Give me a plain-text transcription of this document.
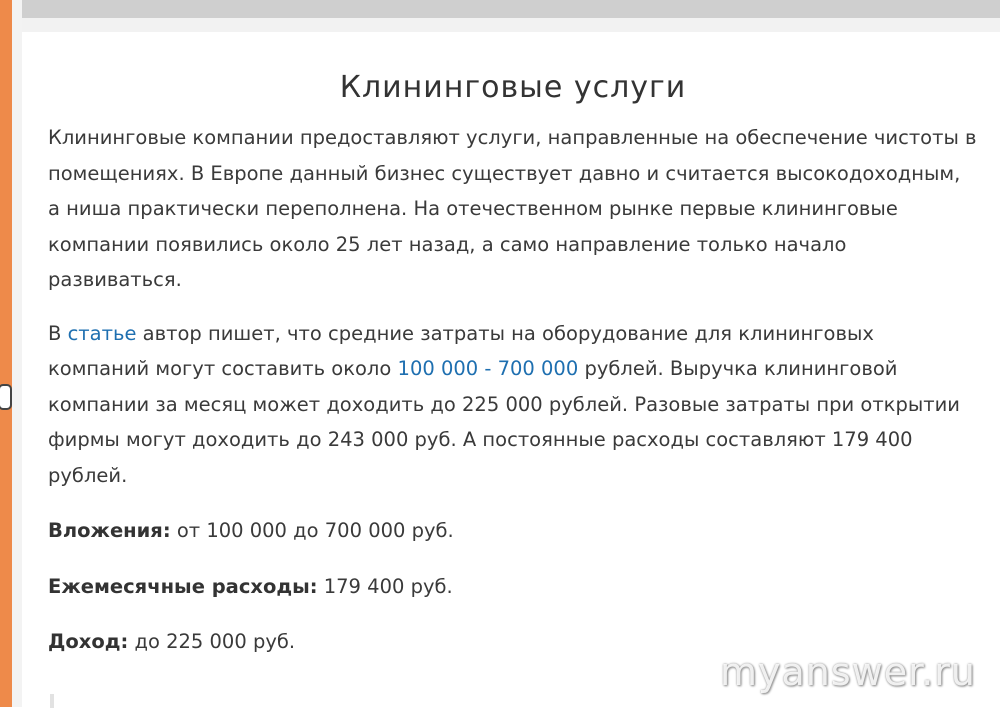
Клининговые услуги

Клининговые компании предоставляют услуги, направленные на обеспечение чистоты в помещениях. В Европе данный бизнес существует давно и считается высокодоходным, а ниша практически переполнена. На отечественном рынке первые клининговые компании появились около 25 лет назад, а само направление только начало развиваться.

В статье автор пишет, что средние затраты на оборудование для клининговых компаний могут составить около 100 000 - 700 000 рублей. Выручка клининговой компании за месяц может доходить до 225 000 рублей. Разовые затраты при открытии фирмы могут доходить до 243 000 руб. А постоянные расходы составляют 179 400 рублей.

Вложения: от 100 000 до 700 000 руб.

Ежемесячные расходы: 179 400 руб.

Доход: до 225 000 руб.

myanswer.ru
